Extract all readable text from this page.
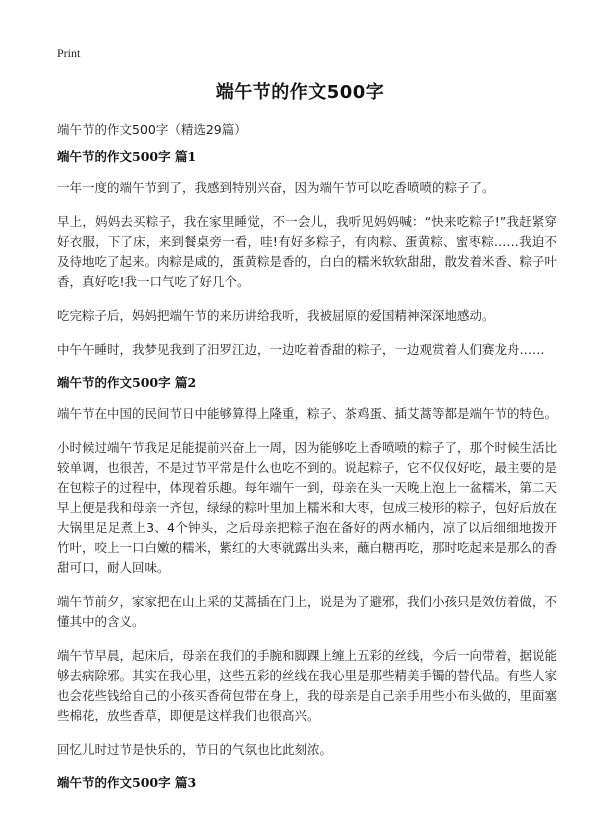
Print
端午节的作文500字
端午节的作文500字（精选29篇）
端午节的作文500字 篇1

一年一度的端午节到了，我感到特别兴奋，因为端午节可以吃香喷喷的粽子了。

早上，妈妈去买粽子，我在家里睡觉，不一会儿，我听见妈妈喊：“快来吃粽子!”我赶紧穿好衣服，下了床，来到餐桌旁一看，哇!有好多粽子，有肉粽、蛋黄粽、蜜枣粽……我迫不及待地吃了起来。肉粽是咸的，蛋黄粽是香的，白白的糯米软软甜甜，散发着米香、粽子叶香，真好吃!我一口气吃了好几个。

吃完粽子后，妈妈把端午节的来历讲给我听，我被屈原的爱国精神深深地感动。

中午午睡时，我梦见我到了汨罗江边，一边吃着香甜的粽子，一边观赏着人们赛龙舟……

端午节的作文500字 篇2

端午节在中国的民间节日中能够算得上隆重，粽子、茶鸡蛋、插艾蒿等都是端午节的特色。

小时候过端午节我足足能提前兴奋上一周，因为能够吃上香喷喷的粽子了，那个时候生活比较单调，也很苦，不是过节平常是什么也吃不到的。说起粽子，它不仅仅好吃，最主要的是在包粽子的过程中，体现着乐趣。每年端午一到，母亲在头一天晚上泡上一盆糯米，第二天早上便是我和母亲一齐包，绿绿的粽叶里加上糯米和大枣，包成三棱形的粽子，包好后放在大锅里足足煮上3、4个钟头，之后母亲把粽子泡在备好的两水桶内，凉了以后细细地拨开竹叶，咬上一口白嫩的糯米，紫红的大枣就露出头来，蘸白糖再吃，那时吃起来是那么的香甜可口，耐人回味。

端午节前夕，家家把在山上采的艾蒿插在门上，说是为了避邪，我们小孩只是效仿着做，不懂其中的含义。

端午节早晨，起床后，母亲在我们的手腕和脚踝上缠上五彩的丝线，今后一向带着，据说能够去病除邪。其实在我心里，这些五彩的丝线在我心里是那些精美手镯的替代品。有些人家也会花些钱给自己的小孩买香荷包带在身上，我的母亲是自己亲手用些小布头做的，里面塞些棉花，放些香草，即便是这样我们也很高兴。

回忆儿时过节是快乐的，节日的气氛也比此刻浓。

端午节的作文500字 篇3
